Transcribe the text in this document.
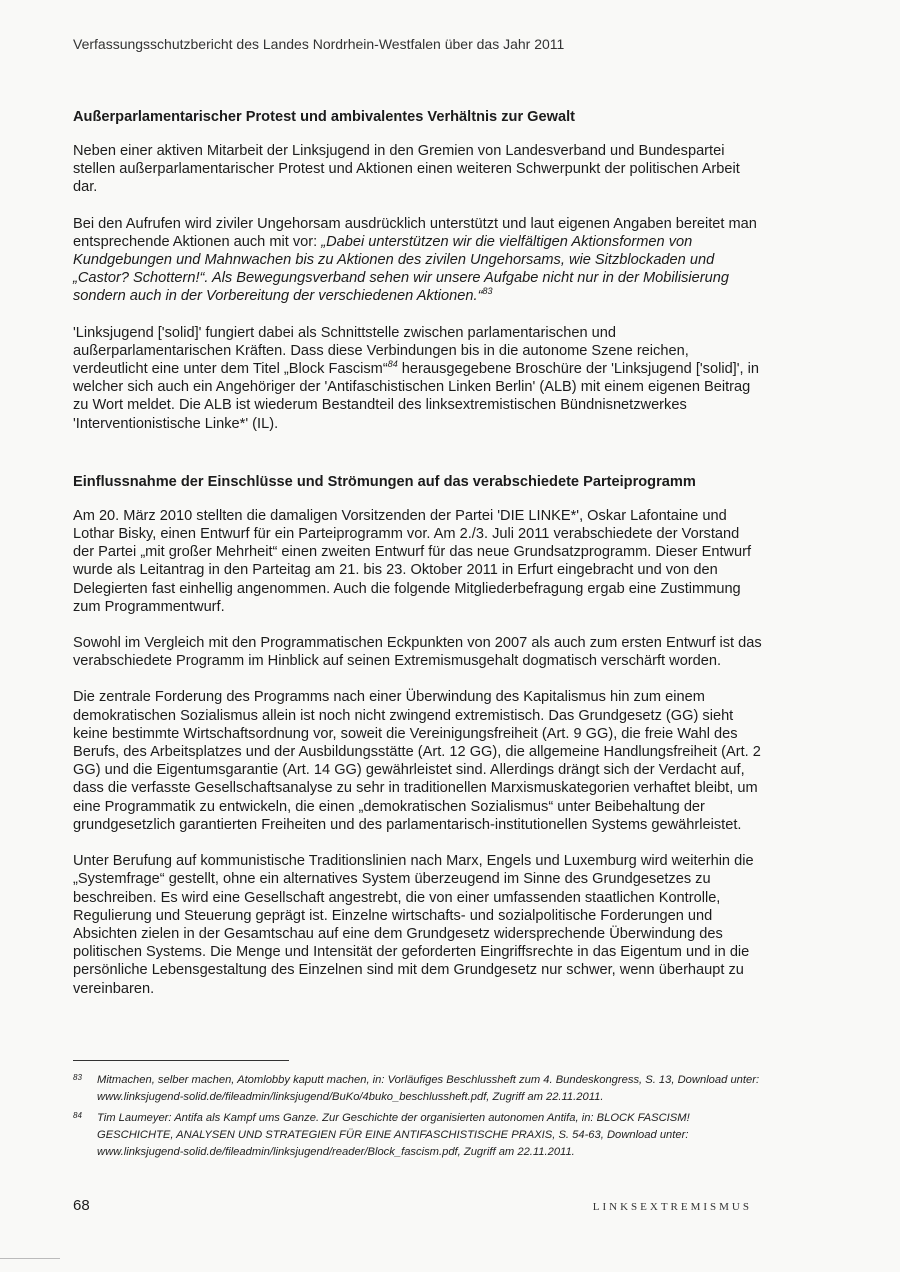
Verfassungsschutzbericht des Landes Nordrhein-Westfalen über das Jahr 2011
Außerparlamentarischer Protest und ambivalentes Verhältnis zur Gewalt

Neben einer aktiven Mitarbeit der Linksjugend in den Gremien von Landesverband und Bundespartei stellen außerparlamentarischer Protest und Aktionen einen weiteren Schwerpunkt der politischen Arbeit dar.

Bei den Aufrufen wird ziviler Ungehorsam ausdrücklich unterstützt und laut eigenen Angaben bereitet man entsprechende Aktionen auch mit vor: „Dabei unterstützen wir die vielfältigen Aktionsformen von Kundgebungen und Mahnwachen bis zu Aktionen des zivilen Ungehorsams, wie Sitzblockaden und „Castor? Schottern!“. Als Bewegungsverband sehen wir unsere Aufgabe nicht nur in der Mobilisierung sondern auch in der Vorbereitung der verschiedenen Aktionen.“$^{83}$

'Linksjugend ['solid]' fungiert dabei als Schnittstelle zwischen parlamentarischen und außerparlamentarischen Kräften. Dass diese Verbindungen bis in die autonome Szene reichen, verdeutlicht eine unter dem Titel „Block Fascism“$^{84}$ herausgegebene Broschüre der 'Linksjugend ['solid]', in welcher sich auch ein Angehöriger der 'Antifaschistischen Linken Berlin' (ALB) mit einem eigenen Beitrag zu Wort meldet. Die ALB ist wiederum Bestandteil des linksextremistischen Bündnisnetzwerkes 'Interventionistische Linke*' (IL).

Einflussnahme der Einschlüsse und Strömungen auf das verabschiedete Parteiprogramm

Am 20. März 2010 stellten die damaligen Vorsitzenden der Partei 'DIE LINKE*', Oskar Lafontaine und Lothar Bisky, einen Entwurf für ein Parteiprogramm vor. Am 2./3. Juli 2011 verabschiedete der Vorstand der Partei „mit großer Mehrheit“ einen zweiten Entwurf für das neue Grundsatzprogramm. Dieser Entwurf wurde als Leitantrag in den Parteitag am 21. bis 23. Oktober 2011 in Erfurt eingebracht und von den Delegierten fast einhellig angenommen. Auch die folgende Mitgliederbefragung ergab eine Zustimmung zum Programmentwurf.

Sowohl im Vergleich mit den Programmatischen Eckpunkten von 2007 als auch zum ersten Entwurf ist das verabschiedete Programm im Hinblick auf seinen Extremismusgehalt dogmatisch verschärft worden.

Die zentrale Forderung des Programms nach einer Überwindung des Kapitalismus hin zum einem demokratischen Sozialismus allein ist noch nicht zwingend extremistisch. Das Grundgesetz (GG) sieht keine bestimmte Wirtschaftsordnung vor, soweit die Vereinigungsfreiheit (Art. 9 GG), die freie Wahl des Berufs, des Arbeitsplatzes und der Ausbildungsstätte (Art. 12 GG), die allgemeine Handlungsfreiheit (Art. 2 GG) und die Eigentumsgarantie (Art. 14 GG) gewährleistet sind. Allerdings drängt sich der Verdacht auf, dass die verfasste Gesellschaftsanalyse zu sehr in traditionellen Marxismuskategorien verhaftet bleibt, um eine Programmatik zu entwickeln, die einen „demokratischen Sozialismus“ unter Beibehaltung der grundgesetzlich garantierten Freiheiten und des parlamentarisch-institutionellen Systems gewährleistet.

Unter Berufung auf kommunistische Traditionslinien nach Marx, Engels und Luxemburg wird weiterhin die „Systemfrage“ gestellt, ohne ein alternatives System überzeugend im Sinne des Grundgesetzes zu beschreiben. Es wird eine Gesellschaft angestrebt, die von einer umfassenden staatlichen Kontrolle, Regulierung und Steuerung geprägt ist. Einzelne wirtschafts- und sozialpolitische Forderungen und Absichten zielen in der Gesamtschau auf eine dem Grundgesetz widersprechende Überwindung des politischen Systems. Die Menge und Intensität der geforderten Eingriffsrechte in das Eigentum und in die persönliche Lebensgestaltung des Einzelnen sind mit dem Grundgesetz nur schwer, wenn überhaupt zu vereinbaren.

83	Mitmachen, selber machen, Atomlobby kaputt machen, in: Vorläufiges Beschlussheft zum 4. Bundeskongress, S. 13, Download unter: www.linksjugend-solid.de/fileadmin/linksjugend/BuKo/4buko_beschlussheft.pdf, Zugriff am 22.11.2011.
84	Tim Laumeyer: Antifa als Kampf ums Ganze. Zur Geschichte der organisierten autonomen Antifa, in: BLOCK FASCISM! GESCHICHTE, ANALYSEN UND STRATEGIEN FÜR EINE ANTIFASCHISTISCHE PRAXIS, S. 54-63, Download unter: www.linksjugend-solid.de/fileadmin/linksjugend/reader/Block_fascism.pdf, Zugriff am 22.11.2011.
68	LINKSEXTREMISMUS
